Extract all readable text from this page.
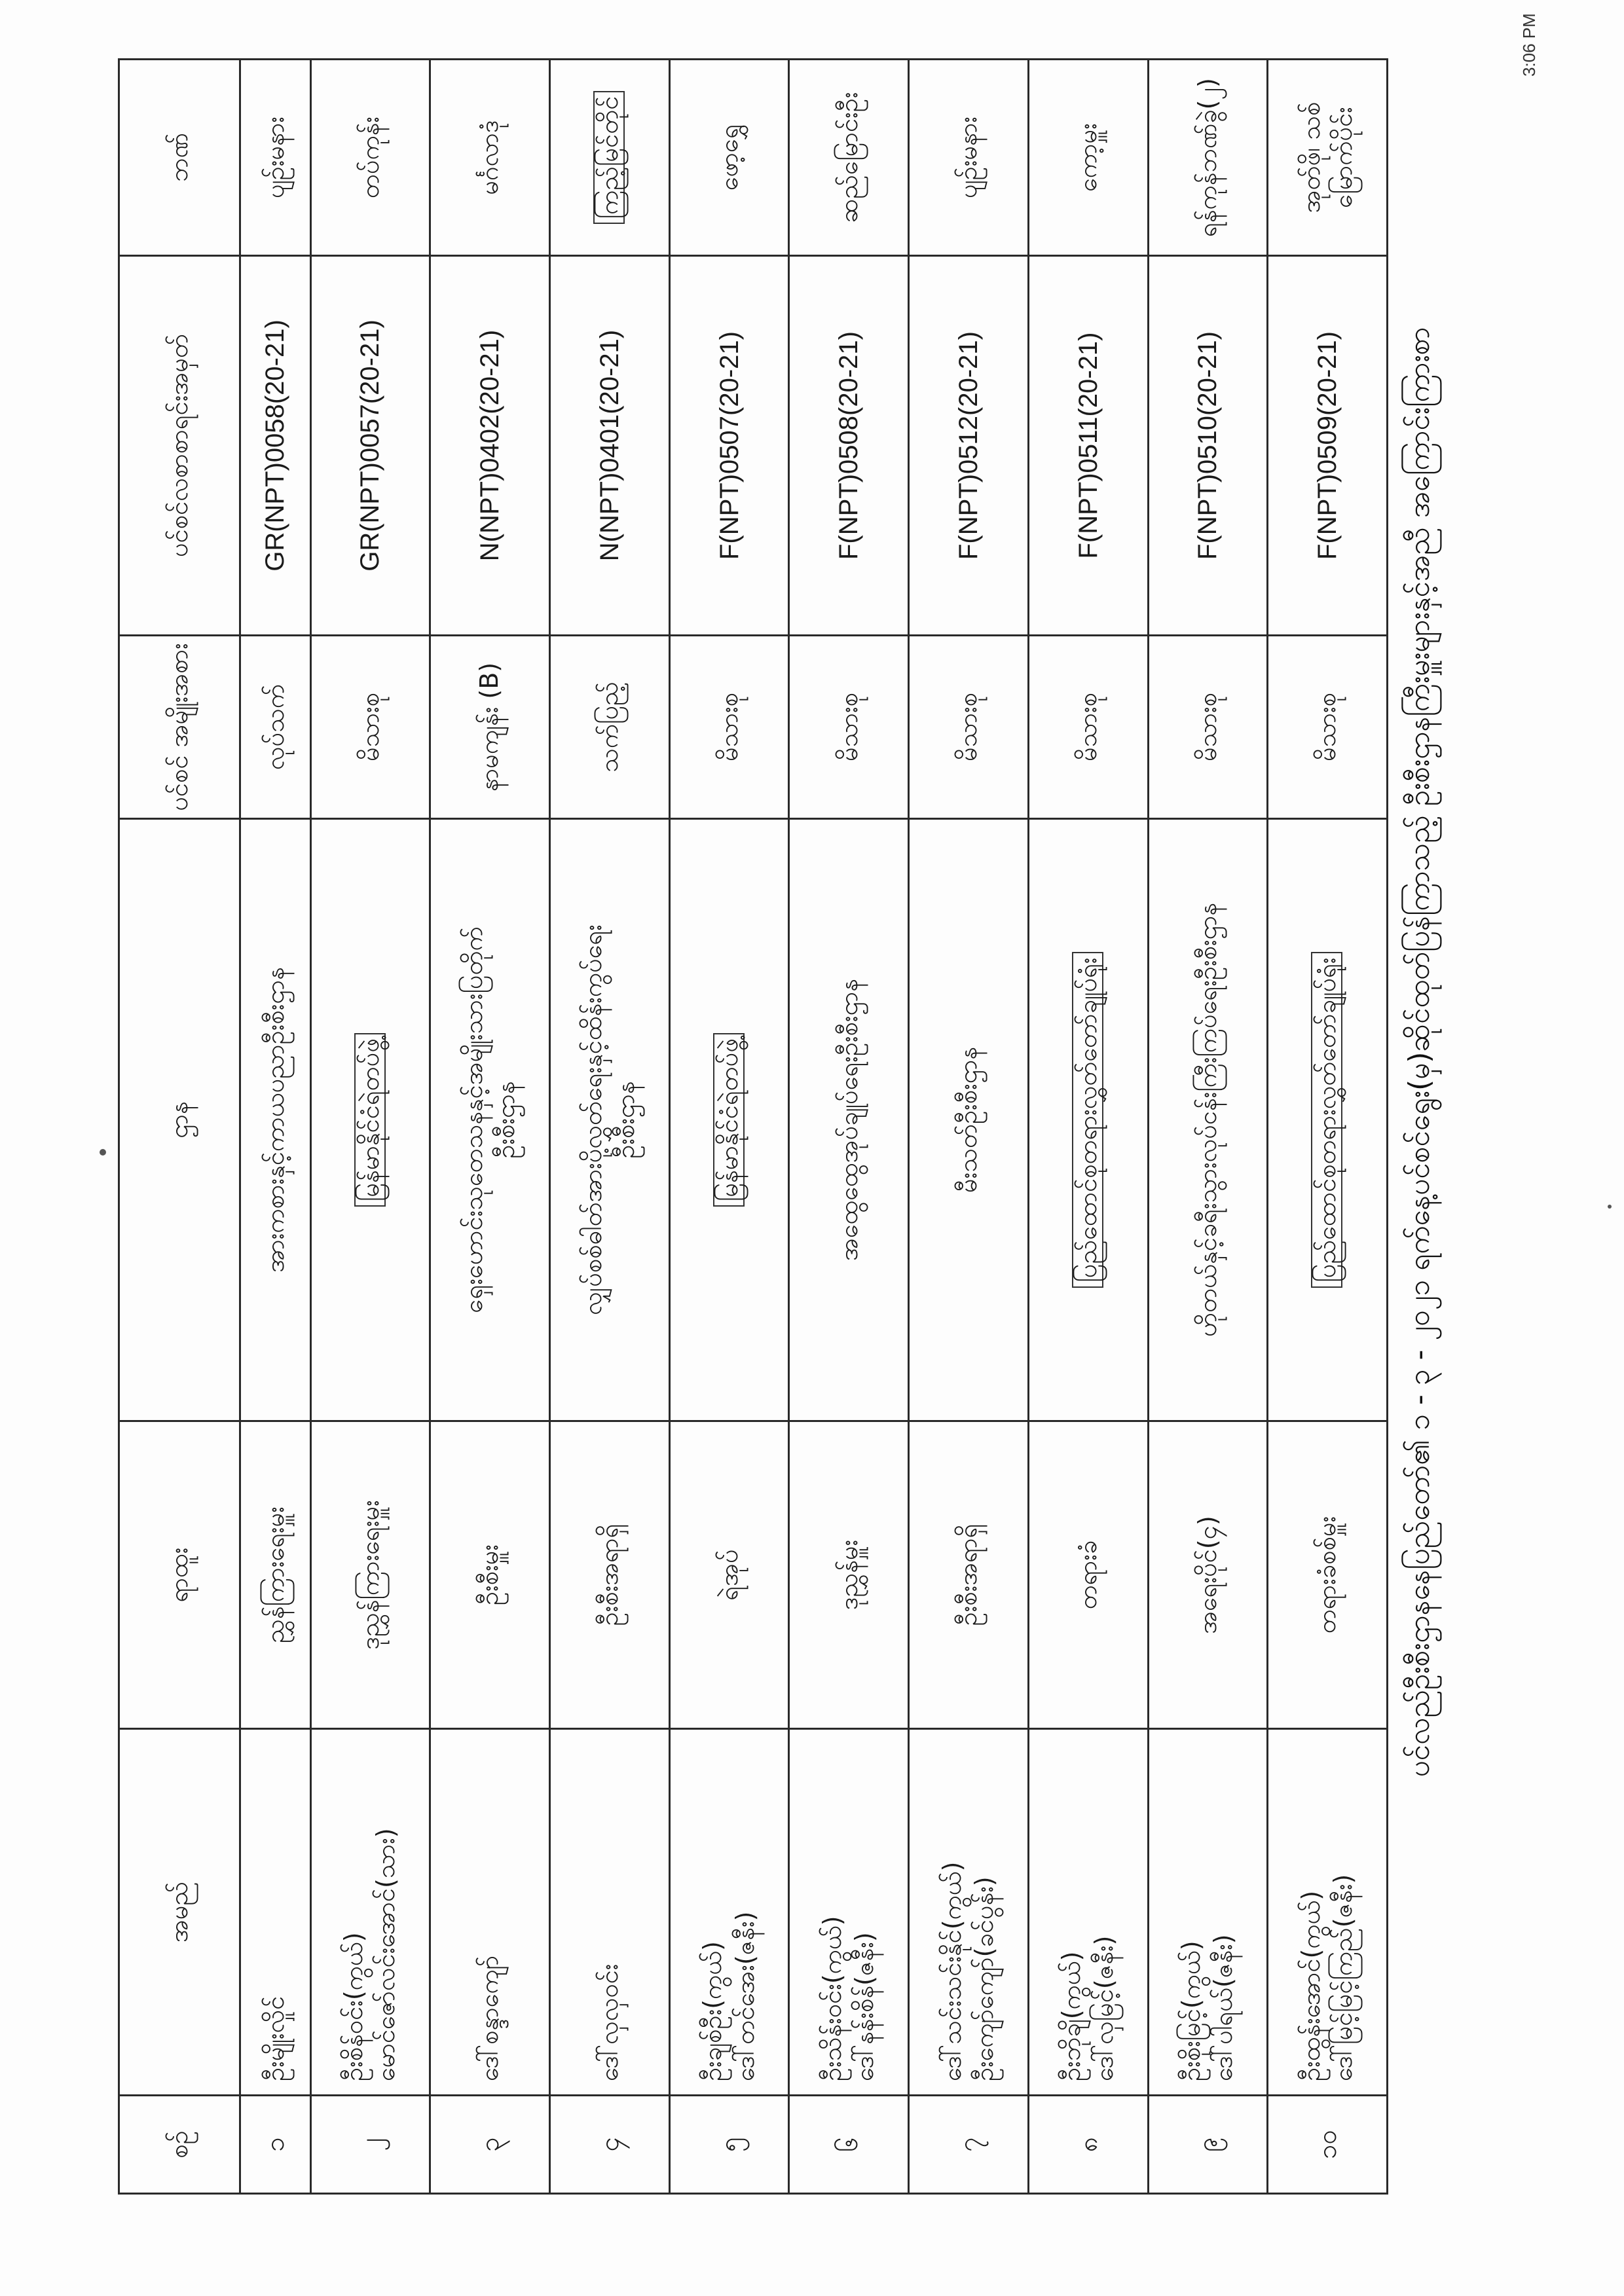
ပင်လည်ဦးစီးဌာနနေပြည်တော်၏ ၁ - ၃ - ၂၀၂၁ ရက်နေ့ပင်စင်ရွေး(မှ)ဆိုင်ထုတ်ပြန်ကြာသည့် ဦးစီးဌာနကြီးမှူးများနှင့်အညီ အကြောင်းကြားစာ
3:06 PM
စဉ်	အမည်	ရာထူး	ဌာန	ပင်စင် အမျိုးအစား	ပင်စင်လစာစာရင်းအမှတ်	ဘဏ်

၁	ဦးမျိုးလှိုင်	ညွှန်ကြားရေးမှူး	အားကစားနှင့်ကာယပညာဦးစီးဌာန	လုပ်သက်	GR(NPT)0058(20-21)	ပျဉ်းမနား

၂	ဦးစိန်ဝင်း(ကွယ်) မောင်ဇော်လင်းအောင်(သား)	ဒုညွှန်ကြားရေးမှူး	မြန်မာနိုင်ငံရဲတပ်ဖွဲ့	မိသားစု	GR(NPT)0057(20-21)	တပ်ကုန်း

၃	ဒေါ်စန္ဒာကျော်	ဦးစီးမှူး	ရှေးဟောင်းသုတေသနနှင့်အမျိုးသားပြတိုက် ဦးစီးဌာန	နာမကျန်း (B)	N(NPT)0402(20-21)	မင်္ဂလာဒုံ

၄	ဒေါ်လှလှဝင်း	ဦးစီးအရာရှိ	လျှပ်စစ်ဓါတ်အားပို့လွှတ်ရေးနှင့်ထိန်းကွပ်ရေး ဦးစီးဌာန	သက်ပြည့်	N(NPT)0401(20-21)	ကြည့်မြင်တိုင်

၅	ဦးချစ်ဦး(ကွယ်) ဒေါ်တင်အေး(ဇနီး)	ရဲအုပ်	မြန်မာနိုင်ငံရဲတပ်ဖွဲ့	မိသားစု	F(NPT)0507(20-21)	ဖော့ရွှေ

၆	ဦးသိန်းဝင်း(ကွယ်) ဒေါ်နန်းစိန်(ဇနီး)	ဒုညွှန်မှူး	အထွေထွေအုပ်ချုပ်ရေးဦးစီးဌာန	မိသားစု	F(NPT)0508(20-21)	ဆည်မြောင်းဦး

၇	ဒေါ်သင်းသင်းနိုင်(ကွယ်) ဦးကျော်ကျော်(ခင်ပွန်း)	ဦးစီးအရာရှိ	မီးသတ်ဦးစီးဌာန	မိသားစု	F(NPT)0512(20-21)	ပျဉ်းမနား

၈	ဦးဘိုချိ(ကွယ်) ဒေါ်လှမြင့်(ဇနီး)	တရားခံ	ပြည်ထောင်စုတရားလွှတ်တော်ချုပ်ရုံး	မိသားစု	F(NPT)0511(20-21)	ကော့မှူး

၉	ဦးစိုးမြင့်(ကွယ်) ဒေါ်ပါရယ်(ဇနီး)	အရေးပိုင်(၄)	ဟိုတယ်နှင့်ခရီးသွားလုပ်ငန်းကြီးကြပ်ရေးဦးစီးဌာန	မိသားစု	F(NPT)0510(20-21)	ရန်ကုန်ဘဏ်ခွဲ(၂)

၁၀	ဦးထွန်းအောင်(ကွယ်) ဒေါ်မြင့်မြင့်ကြည်(ဇနီး)	တရားခံစစ်မှူး	ပြည်ထောင်စုတရားလွှတ်တော်ချုပ်ရုံး	မိသားစု	F(NPT)0509(20-21)	အုတ်ဖို၊ သစ် မြောက်ပိုင်း
